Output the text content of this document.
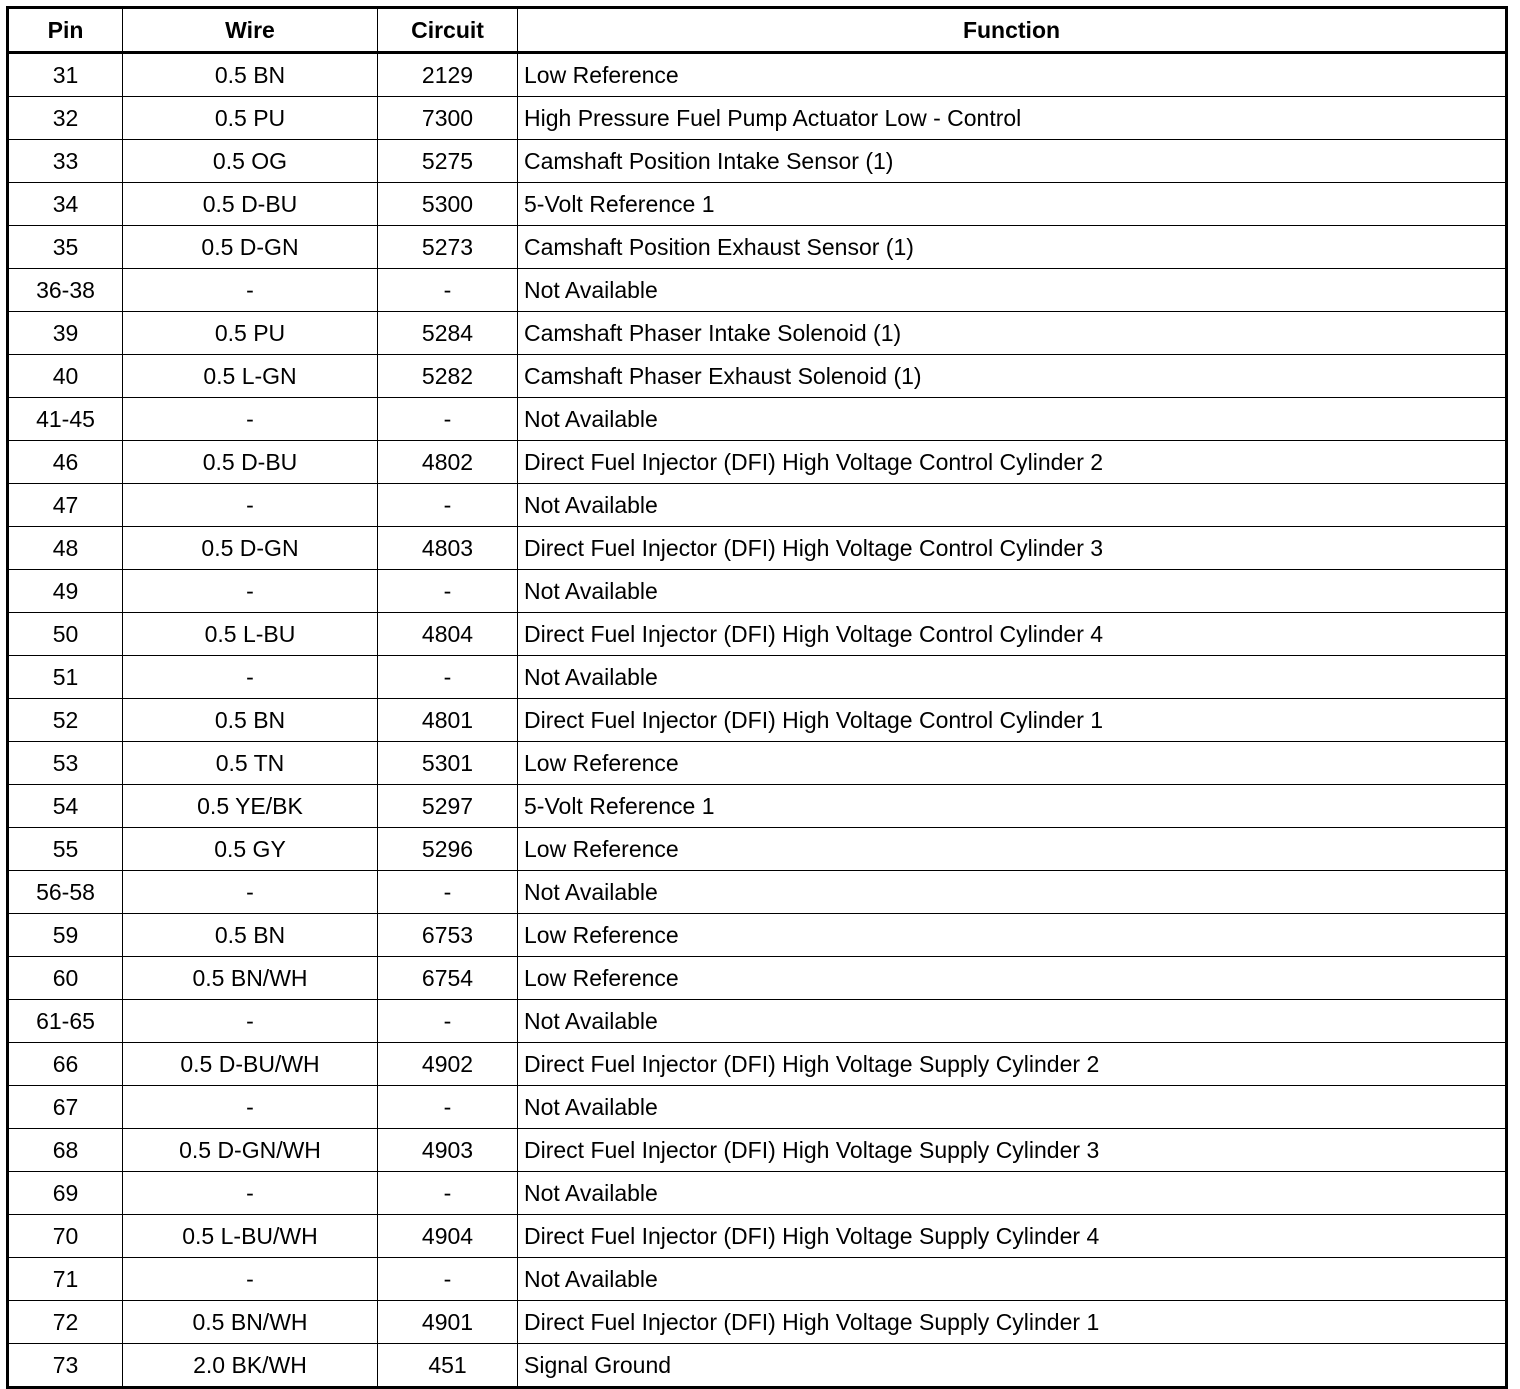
Pin	Wire	Circuit	Function
31	0.5 BN	2129	Low Reference
32	0.5 PU	7300	High Pressure Fuel Pump Actuator Low - Control
33	0.5 OG	5275	Camshaft Position Intake Sensor (1)
34	0.5 D-BU	5300	5-Volt Reference 1
35	0.5 D-GN	5273	Camshaft Position Exhaust Sensor (1)
36-38	-	-	Not Available
39	0.5 PU	5284	Camshaft Phaser Intake Solenoid (1)
40	0.5 L-GN	5282	Camshaft Phaser Exhaust Solenoid (1)
41-45	-	-	Not Available
46	0.5 D-BU	4802	Direct Fuel Injector (DFI) High Voltage Control Cylinder 2
47	-	-	Not Available
48	0.5 D-GN	4803	Direct Fuel Injector (DFI) High Voltage Control Cylinder 3
49	-	-	Not Available
50	0.5 L-BU	4804	Direct Fuel Injector (DFI) High Voltage Control Cylinder 4
51	-	-	Not Available
52	0.5 BN	4801	Direct Fuel Injector (DFI) High Voltage Control Cylinder 1
53	0.5 TN	5301	Low Reference
54	0.5 YE/BK	5297	5-Volt Reference 1
55	0.5 GY	5296	Low Reference
56-58	-	-	Not Available
59	0.5 BN	6753	Low Reference
60	0.5 BN/WH	6754	Low Reference
61-65	-	-	Not Available
66	0.5 D-BU/WH	4902	Direct Fuel Injector (DFI) High Voltage Supply Cylinder 2
67	-	-	Not Available
68	0.5 D-GN/WH	4903	Direct Fuel Injector (DFI) High Voltage Supply Cylinder 3
69	-	-	Not Available
70	0.5 L-BU/WH	4904	Direct Fuel Injector (DFI) High Voltage Supply Cylinder 4
71	-	-	Not Available
72	0.5 BN/WH	4901	Direct Fuel Injector (DFI) High Voltage Supply Cylinder 1
73	2.0 BK/WH	451	Signal Ground
